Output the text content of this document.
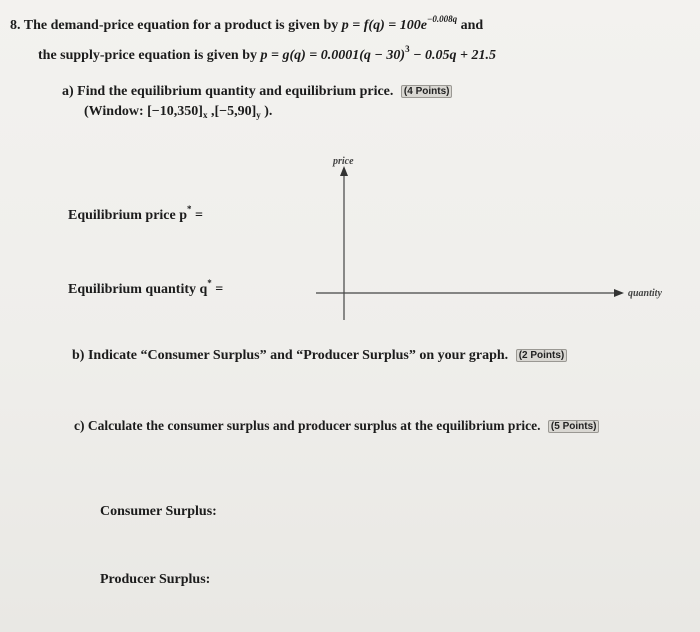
8. The demand-price equation for a product is given by $p = f(q) = 100e^{-0.008q}$ and
the supply-price equation is given by $p = g(q) = 0.0001(q - 30)^3 - 0.05q + 21.5$
a) Find the equilibrium quantity and equilibrium price. (4 Points)
(Window: $[-10,350]_x$ $,[-5,90]_y$ ).
Equilibrium price p* =
Equilibrium quantity q* =
price
quantity
b) Indicate “Consumer Surplus” and “Producer Surplus” on your graph. (2 Points)
c) Calculate the consumer surplus and producer surplus at the equilibrium price. (5 Points)
Consumer Surplus:
Producer Surplus:
